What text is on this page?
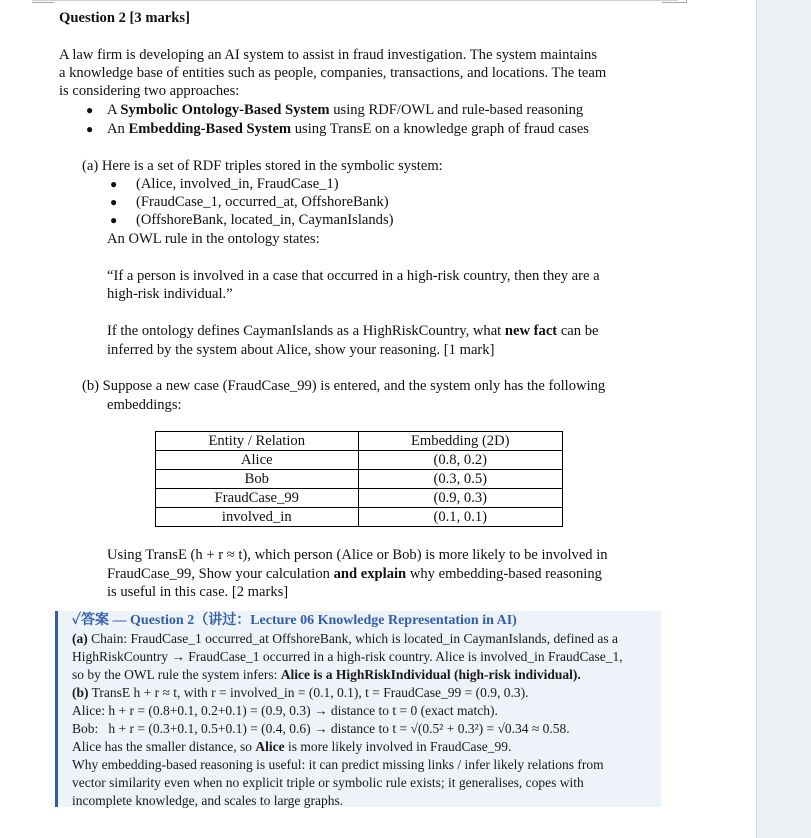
Question 2 [3 marks]
A law firm is developing an AI system to assist in fraud investigation. The system maintains
a knowledge base of entities such as people, companies, transactions, and locations. The team
is considering two approaches:
● A Symbolic Ontology-Based System using RDF/OWL and rule-based reasoning
● An Embedding-Based System using TransE on a knowledge graph of fraud cases
(a) Here is a set of RDF triples stored in the symbolic system:
● (Alice, involved_in, FraudCase_1)
● (FraudCase_1, occurred_at, OffshoreBank)
● (OffshoreBank, located_in, CaymanIslands)
An OWL rule in the ontology states:
“If a person is involved in a case that occurred in a high-risk country, then they are a
high-risk individual.”
If the ontology defines CaymanIslands as a HighRiskCountry, what new fact can be
inferred by the system about Alice, show your reasoning. [1 mark]
(b) Suppose a new case (FraudCase_99) is entered, and the system only has the following
embeddings:
Entity / Relation	Embedding (2D)
Alice	(0.8, 0.2)
Bob	(0.3, 0.5)
FraudCase_99	(0.9, 0.3)
involved_in	(0.1, 0.1)
Using TransE (h + r ≈ t), which person (Alice or Bob) is more likely to be involved in
FraudCase_99, Show your calculation and explain why embedding-based reasoning
is useful in this case. [2 marks]
✓答案 — Question 2（讲过：Lecture 06 Knowledge Representation in AI)
(a) Chain: FraudCase_1 occurred_at OffshoreBank, which is located_in CaymanIslands, defined as a
HighRiskCountry → FraudCase_1 occurred in a high-risk country. Alice is involved_in FraudCase_1,
so by the OWL rule the system infers: Alice is a HighRiskIndividual (high-risk individual).
(b) TransE h + r ≈ t, with r = involved_in = (0.1, 0.1), t = FraudCase_99 = (0.9, 0.3).
Alice: h + r = (0.8+0.1, 0.2+0.1) = (0.9, 0.3) → distance to t = 0 (exact match).
Bob:   h + r = (0.3+0.1, 0.5+0.1) = (0.4, 0.6) → distance to t = √(0.5² + 0.3²) = √0.34 ≈ 0.58.
Alice has the smaller distance, so Alice is more likely involved in FraudCase_99.
Why embedding-based reasoning is useful: it can predict missing links / infer likely relations from
vector similarity even when no explicit triple or symbolic rule exists; it generalises, copes with
incomplete knowledge, and scales to large graphs.
